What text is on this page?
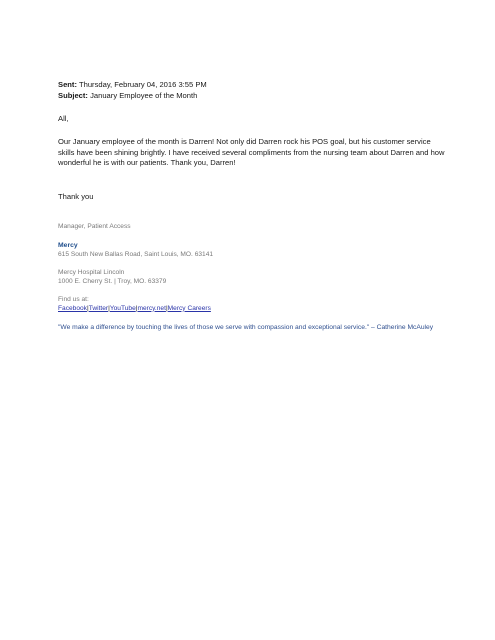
Sent: Thursday, February 04, 2016 3:55 PM
Subject: January Employee of the Month
All,
Our January employee of the month is Darren! Not only did Darren rock his POS goal, but his customer service skills have been shining brightly. I have received several compliments from the nursing team about Darren and how wonderful he is with our patients. Thank you, Darren!
Thank you
Manager, Patient Access
Mercy
615 South New Ballas Road, Saint Louis, MO. 63141
Mercy Hospital Lincoln
1000 E. Cherry St. | Troy, MO. 63379
Find us at:
Facebook|Twitter|YouTube|mercy.net|Mercy Careers
"We make a difference by touching the lives of those we serve with compassion and exceptional service." – Catherine McAuley
